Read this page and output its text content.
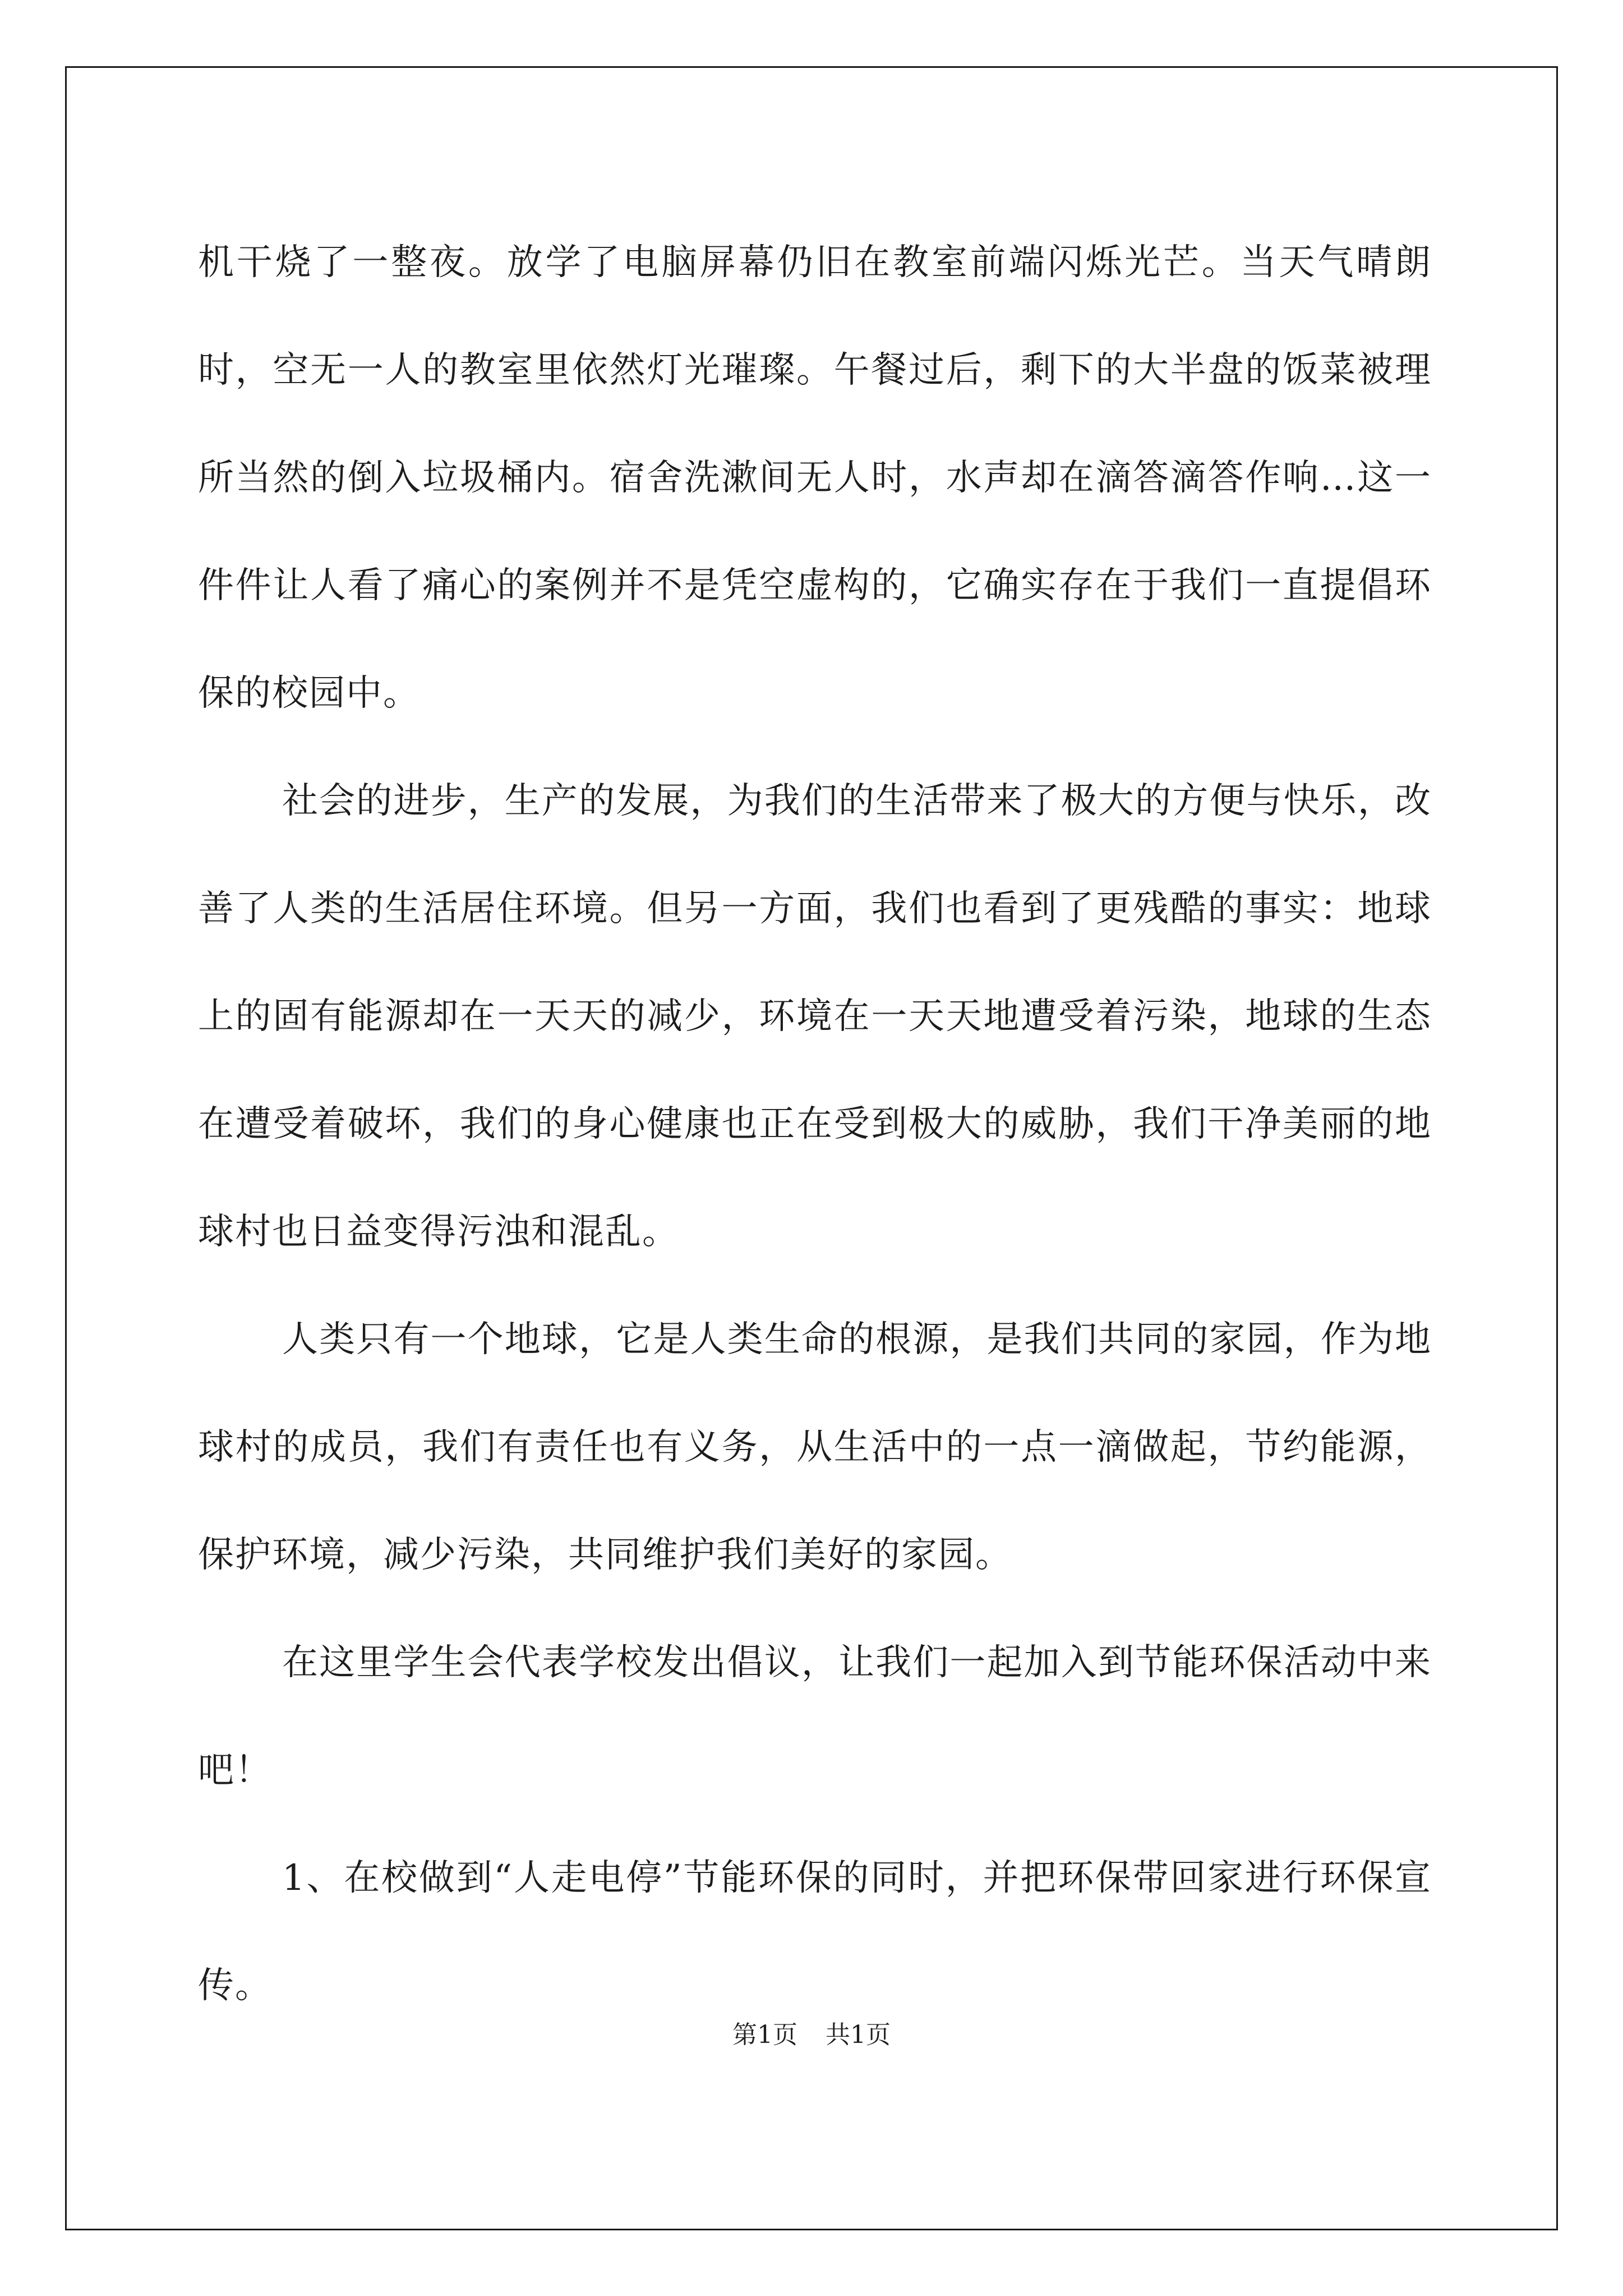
机干烧了一整夜。放学了电脑屏幕仍旧在教室前端闪烁光芒。当天气晴朗时，空无一人的教室里依然灯光璀璨。午餐过后，剩下的大半盘的饭菜被理所当然的倒入垃圾桶内。宿舍洗漱间无人时，水声却在滴答滴答作响…这一件件让人看了痛心的案例并不是凭空虚构的，它确实存在于我们一直提倡环保的校园中。

社会的进步，生产的发展，为我们的生活带来了极大的方便与快乐，改善了人类的生活居住环境。但另一方面，我们也看到了更残酷的事实：地球上的固有能源却在一天天的减少，环境在一天天地遭受着污染，地球的生态在遭受着破坏，我们的身心健康也正在受到极大的威胁，我们干净美丽的地球村也日益变得污浊和混乱。

人类只有一个地球，它是人类生命的根源，是我们共同的家园，作为地球村的成员，我们有责任也有义务，从生活中的一点一滴做起，节约能源，保护环境，减少污染，共同维护我们美好的家园。

在这里学生会代表学校发出倡议，让我们一起加入到节能环保活动中来吧！

1、在校做到“人走电停”节能环保的同时，并把环保带回家进行环保宣传。

第1页 共1页
